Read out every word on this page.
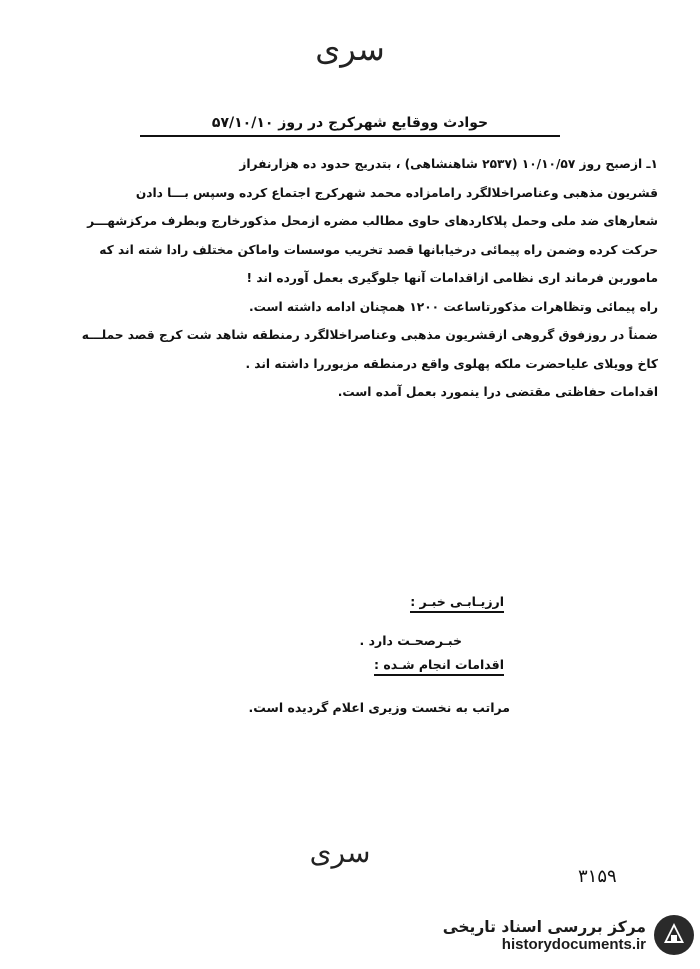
سری
حوادث ووقایع شهرکرج در روز ۵۷/۱۰/۱۰
۱ـ ازصبح روز ۱۰/۱۰/۵۷ (۲۵۳۷ شاهنشاهی) ، بتدریج حدود ده هزارنفراز
قشریون مذهبی وعناصراخلالگرد رامامزاده محمد شهرکرج اجتماع کرده وسپس بـــا دادن
شعارهای ضد ملی وحمل پلاکاردهای حاوی مطالب مضره ازمحل مذکورخارج وبطرف مرکزشهـــر
حرکت کرده وضمن راه پیمائی درخیابانها قصد تخریب موسسات واماکن مختلف رادا شته اند که
ماموربن فرماند اری نظامی ازاقدامات آنها جلوگیری بعمل آورده اند !
راه پیمائی وتظاهرات مذکورتاساعت ۱۲۰۰ همچنان ادامه داشته است.
ضمناً در روزفوق گروهی ازقشریون مذهبی وعناصراخلالگرد رمنطقه شاهد شت کرج قصد حملـــه
کاخ وویلای علیاحضرت ملکه پهلوی واقع درمنطقه مزبوررا داشته اند .
اقدامات حفاظتی مقتضی درا ینمورد بعمل آمده است.
ارزیـابـی خبـر :
خبـرصحـت دارد .
اقدامات انجام شـده :
مراتب به نخست وزیری اعلام گردیده است.
سری
۳۱۵۹
مرکز بررسی اسناد تاریخی
historydocuments.ir
